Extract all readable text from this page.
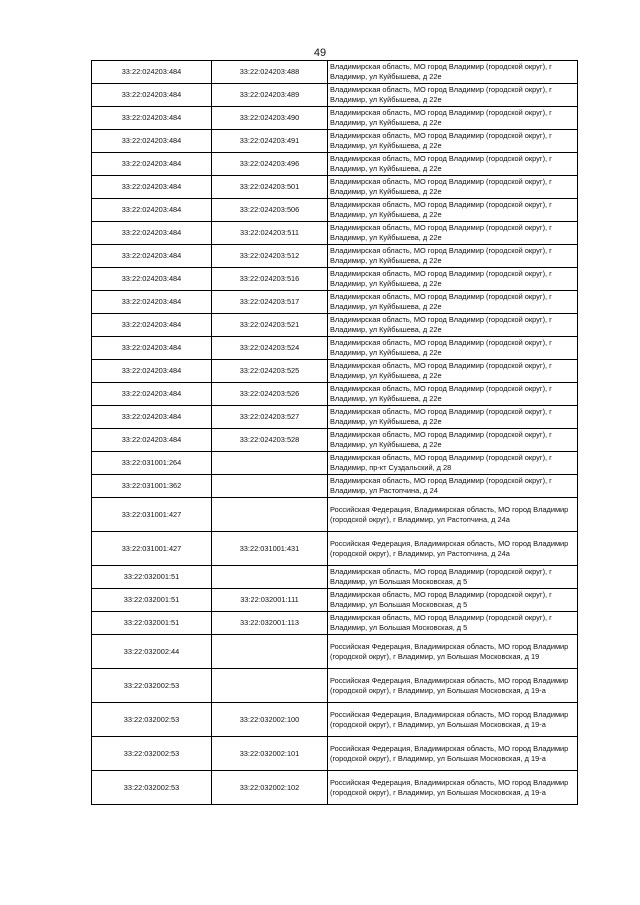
49
33:22:024203:484	33:22:024203:488	Владимирская область, МО город Владимир (городской округ), г Владимир, ул Куйбышева, д 22е
33:22:024203:484	33:22:024203:489	Владимирская область, МО город Владимир (городской округ), г Владимир, ул Куйбышева, д 22е
33:22:024203:484	33:22:024203:490	Владимирская область, МО город Владимир (городской округ), г Владимир, ул Куйбышева, д 22е
33:22:024203:484	33:22:024203:491	Владимирская область, МО город Владимир (городской округ), г Владимир, ул Куйбышева, д 22е
33:22:024203:484	33:22:024203:496	Владимирская область, МО город Владимир (городской округ), г Владимир, ул Куйбышева, д 22е
33:22:024203:484	33:22:024203:501	Владимирская область, МО город Владимир (городской округ), г Владимир, ул Куйбышева, д 22е
33:22:024203:484	33:22:024203:506	Владимирская область, МО город Владимир (городской округ), г Владимир, ул Куйбышева, д 22е
33:22:024203:484	33:22:024203:511	Владимирская область, МО город Владимир (городской округ), г Владимир, ул Куйбышева, д 22е
33:22:024203:484	33:22:024203:512	Владимирская область, МО город Владимир (городской округ), г Владимир, ул Куйбышева, д 22е
33:22:024203:484	33:22:024203:516	Владимирская область, МО город Владимир (городской округ), г Владимир, ул Куйбышева, д 22е
33:22:024203:484	33:22:024203:517	Владимирская область, МО город Владимир (городской округ), г Владимир, ул Куйбышева, д 22е
33:22:024203:484	33:22:024203:521	Владимирская область, МО город Владимир (городской округ), г Владимир, ул Куйбышева, д 22е
33:22:024203:484	33:22:024203:524	Владимирская область, МО город Владимир (городской округ), г Владимир, ул Куйбышева, д 22е
33:22:024203:484	33:22:024203:525	Владимирская область, МО город Владимир (городской округ), г Владимир, ул Куйбышева, д 22е
33:22:024203:484	33:22:024203:526	Владимирская область, МО город Владимир (городской округ), г Владимир, ул Куйбышева, д 22е
33:22:024203:484	33:22:024203:527	Владимирская область, МО город Владимир (городской округ), г Владимир, ул Куйбышева, д 22е
33:22:024203:484	33:22:024203:528	Владимирская область, МО город Владимир (городской округ), г Владимир, ул Куйбышева, д 22е
33:22:031001:264		Владимирская область, МО город Владимир (городской округ), г Владимир, пр-кт Суздальский, д 28
33:22:031001:362		Владимирская область, МО город Владимир (городской округ), г Владимир, ул Растопчина, д 24
33:22:031001:427		Российская Федерация, Владимирская область, МО город Владимир (городской округ), г Владимир, ул Растопчина, д 24а
33:22:031001:427	33:22:031001:431	Российская Федерация, Владимирская область, МО город Владимир (городской округ), г Владимир, ул Растопчина, д 24а
33:22:032001:51		Владимирская область, МО город Владимир (городской округ), г Владимир, ул Большая Московская, д 5
33:22:032001:51	33:22:032001:111	Владимирская область, МО город Владимир (городской округ), г Владимир, ул Большая Московская, д 5
33:22:032001:51	33:22:032001:113	Владимирская область, МО город Владимир (городской округ), г Владимир, ул Большая Московская, д 5
33:22:032002:44		Российская Федерация, Владимирская область, МО город Владимир (городской округ), г Владимир, ул Большая Московская, д 19
33:22:032002:53		Российская Федерация, Владимирская область, МО город Владимир (городской округ), г Владимир, ул Большая Московская, д 19-а
33:22:032002:53	33:22:032002:100	Российская Федерация, Владимирская область, МО город Владимир (городской округ), г Владимир, ул Большая Московская, д 19-а
33:22:032002:53	33:22:032002:101	Российская Федерация, Владимирская область, МО город Владимир (городской округ), г Владимир, ул Большая Московская, д 19-а
33:22:032002:53	33:22:032002:102	Российская Федерация, Владимирская область, МО город Владимир (городской округ), г Владимир, ул Большая Московская, д 19-а
